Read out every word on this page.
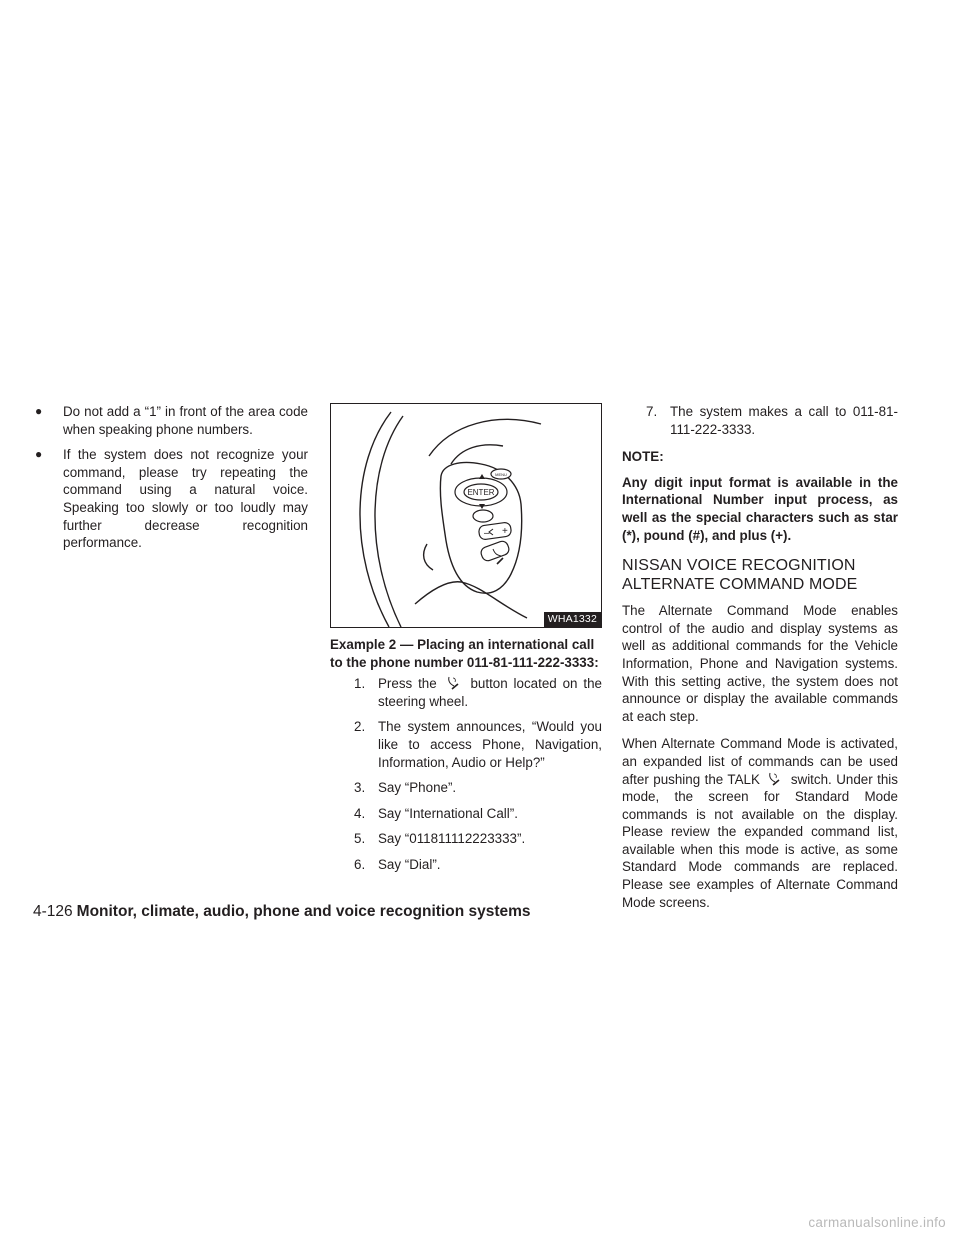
● Do not add a “1” in front of the area code when speaking phone numbers.
● If the system does not recognize your command, please try repeating the command using a natural voice. Speaking too slowly or too loudly may further decrease recognition performance.
ENTER
MENU
– +
WHA1332
Example 2 — Placing an international call to the phone number 011-81-111-222-3333:
1. Press the	button located on the steering wheel.
2. The system announces, “Would you like to access Phone, Navigation, Information, Audio or Help?”
3. Say “Phone”.
4. Say “International Call”.
5. Say “011811112223333”.
6. Say “Dial”.
7. The system makes a call to 011-81-111-222-3333.
NOTE:
Any digit input format is available in the International Number input process, as well as the special characters such as star (*), pound (#), and plus (+).
NISSAN VOICE RECOGNITION ALTERNATE COMMAND MODE
The Alternate Command Mode enables control of the audio and display systems as well as additional commands for the Vehicle Information, Phone and Navigation systems. With this setting active, the system does not announce or display the available commands at each step.
When Alternate Command Mode is activated, an expanded list of commands can be used after pushing the TALK switch. Under this mode, the screen for Standard Mode commands is not available on the display. Please review the expanded command list, available when this mode is active, as some Standard Mode commands are replaced. Please see examples of Alternate Command Mode screens.
4-126 Monitor, climate, audio, phone and voice recognition systems
carmanualsonline.info
